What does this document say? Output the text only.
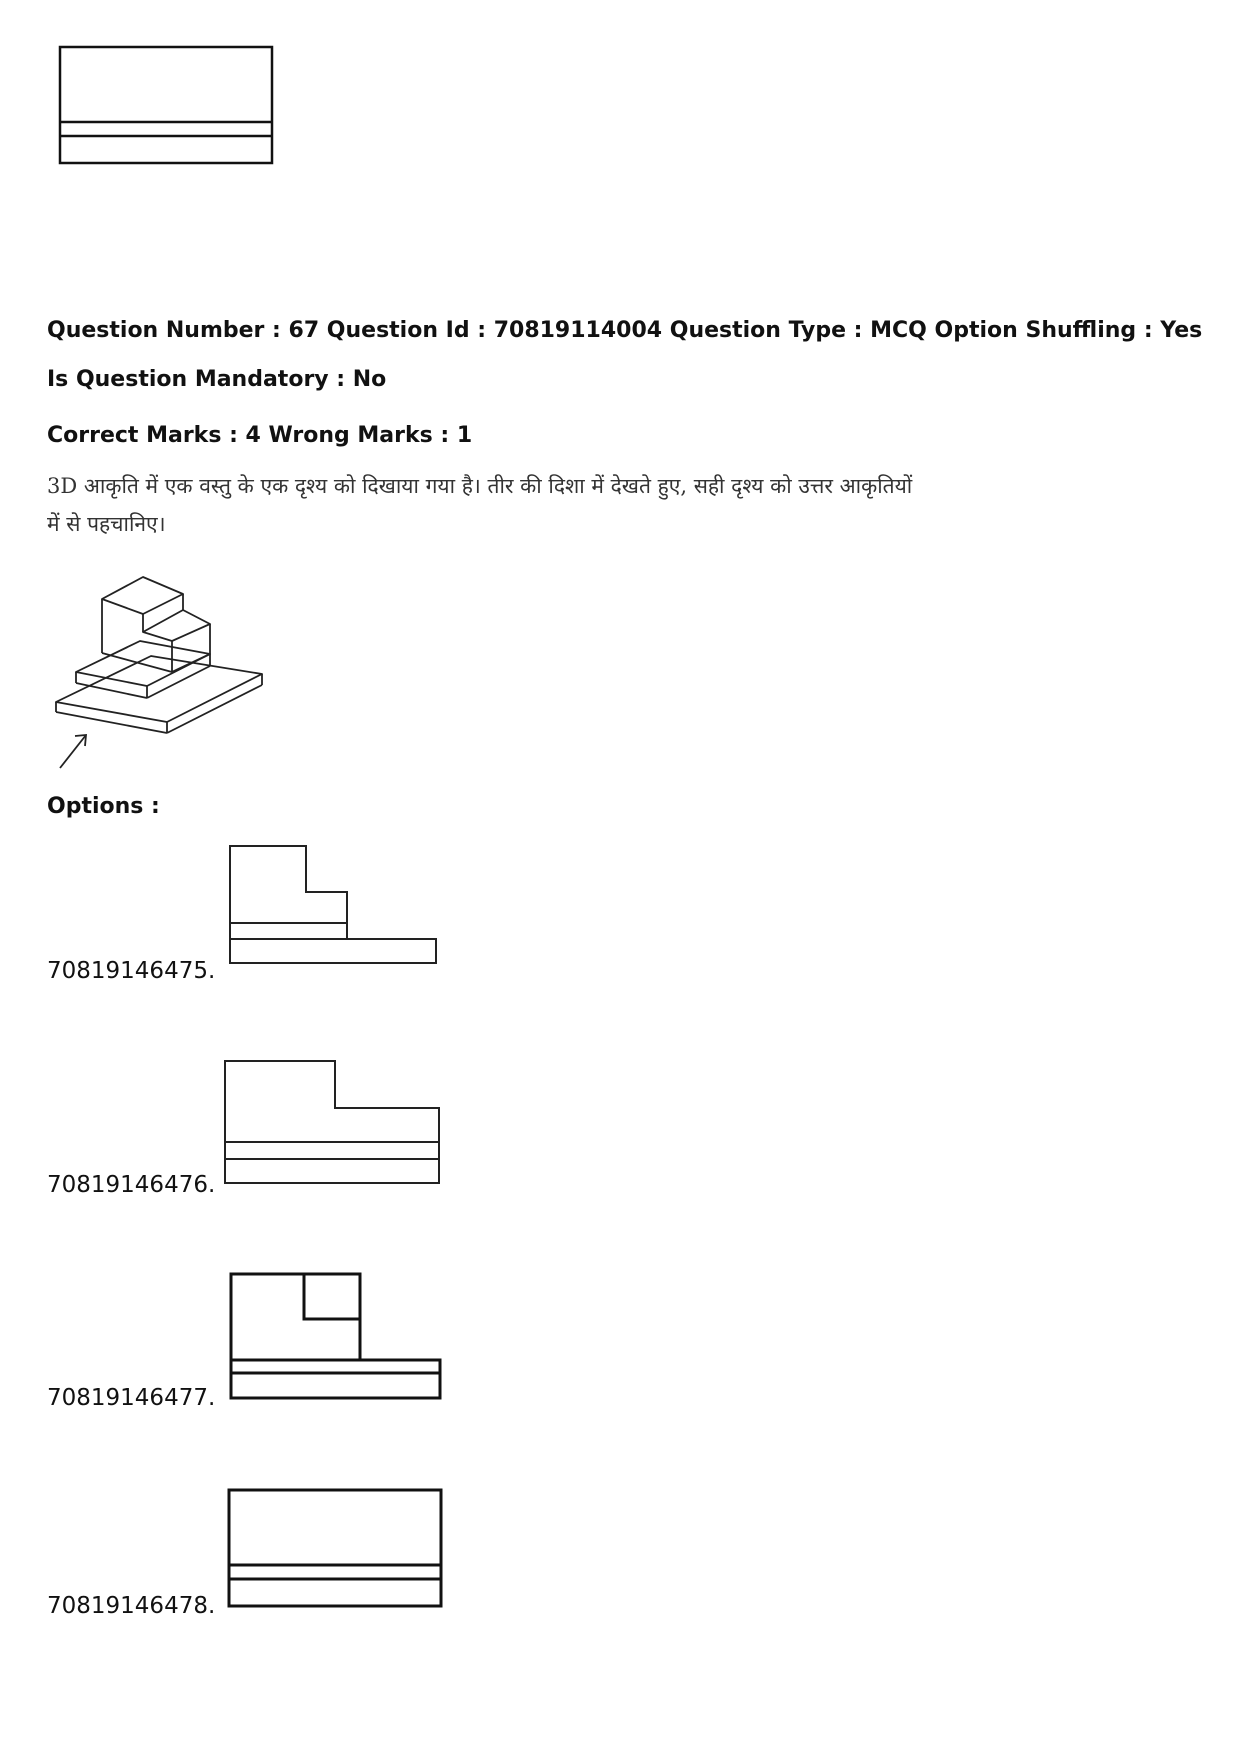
Question Number : 67 Question Id : 70819114004 Question Type : MCQ Option Shuffling : Yes
Is Question Mandatory : No
Correct Marks : 4 Wrong Marks : 1
3D आकृति में एक वस्तु के एक दृश्य को दिखाया गया है। तीर की दिशा में देखते हुए, सही दृश्य को उत्तर आकृतियों
में से पहचानिए।
Options :
70819146475.
70819146476.
70819146477.
70819146478.
